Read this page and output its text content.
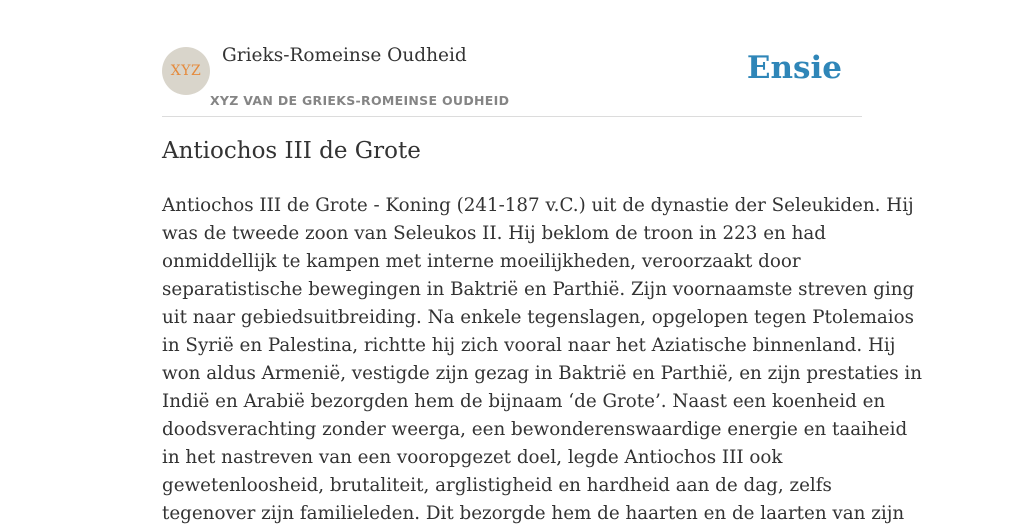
XYZ
Grieks-Romeinse Oudheid
XYZ VAN DE GRIEKS-ROMEINSE OUDHEID
Ensie
Antiochos III de Grote
Antiochos III de Grote - Koning (241-187 v.C.) uit de dynastie der Seleukiden. Hij
was de tweede zoon van Seleukos II. Hij beklom de troon in 223 en had
onmiddellijk te kampen met interne moeilijkheden, veroorzaakt door
separatistische bewegingen in Baktrië en Parthië. Zijn voornaamste streven ging
uit naar gebiedsuitbreiding. Na enkele tegenslagen, opgelopen tegen Ptolemaios
in Syrië en Palestina, richtte hij zich vooral naar het Aziatische binnenland. Hij
won aldus Armenië, vestigde zijn gezag in Baktrië en Parthië, en zijn prestaties in
Indië en Arabië bezorgden hem de bijnaam ‘de Grote’. Naast een koenheid en
doodsverachting zonder weerga, een bewonderenswaardige energie en taaiheid
in het nastreven van een vooropgezet doel, legde Antiochos III ook
gewetenloosheid, brutaliteit, arglistigheid en hardheid aan de dag, zelfs
tegenover zijn familieleden. Dit bezorgde hem de haarten en de laarten van zijn
